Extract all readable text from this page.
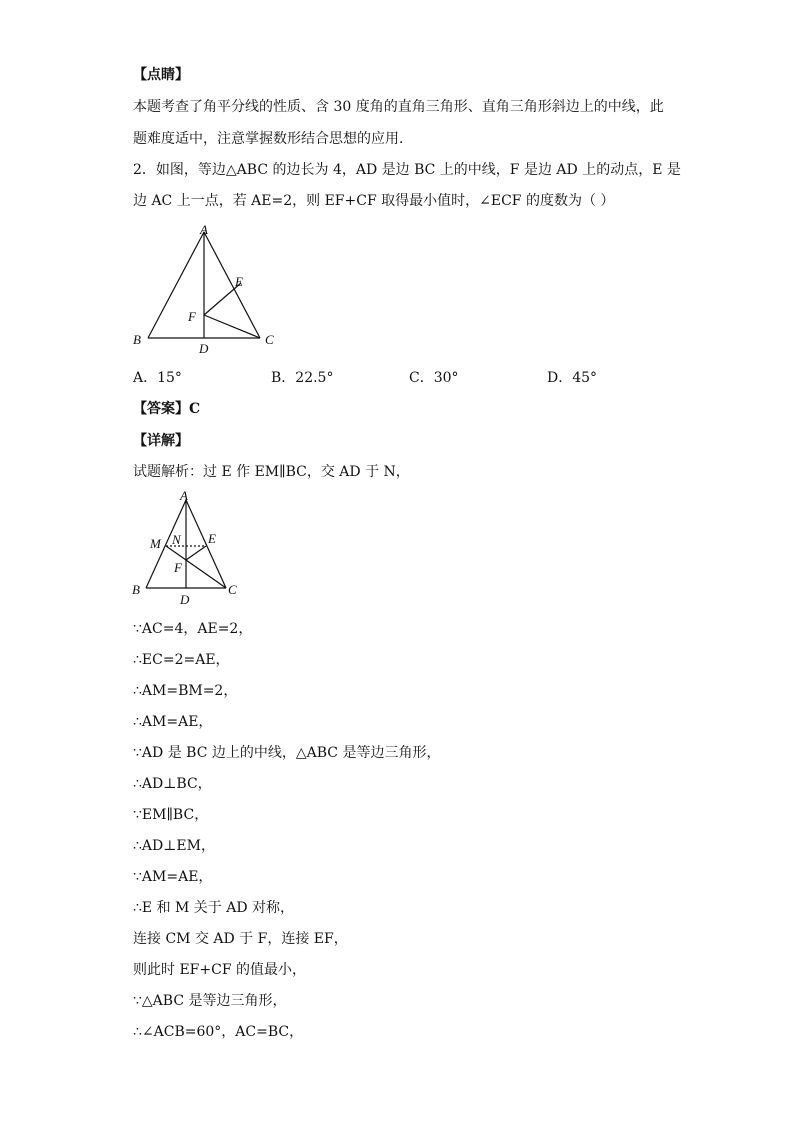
【点睛】
本题考查了角平分线的性质、含 30 度角的直角三角形、直角三角形斜边上的中线，此
题难度适中，注意掌握数形结合思想的应用．
2．如图，等边△ABC 的边长为 4，AD 是边 BC 上的中线，F 是边 AD 上的动点，E 是
边 AC 上一点，若 AE=2，则 EF+CF 取得最小值时，∠ECF 的度数为（ ）
A
E
F
B
D
C
A．15°	B．22.5°	C．30°	D．45°
【答案】C
【详解】
试题解析：过 E 作 EM∥BC，交 AD 于 N，
A
M N E
F
B
D
C
∵AC=4，AE=2，
∴EC=2=AE，
∴AM=BM=2，
∴AM=AE，
∵AD 是 BC 边上的中线，△ABC 是等边三角形，
∴AD⊥BC，
∵EM∥BC，
∴AD⊥EM，
∵AM=AE，
∴E 和 M 关于 AD 对称，
连接 CM 交 AD 于 F，连接 EF，
则此时 EF+CF 的值最小，
∵△ABC 是等边三角形，
∴∠ACB=60°，AC=BC，
